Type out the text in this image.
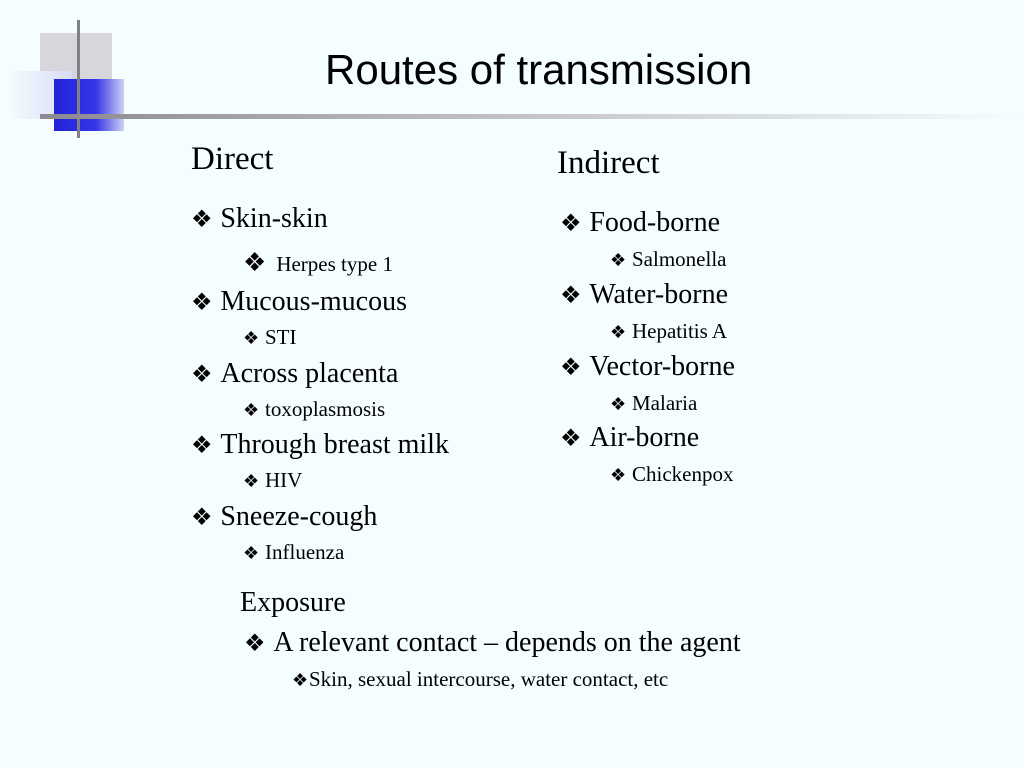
Routes of transmission
Direct
❖ Skin-skin
❖ Herpes type 1
❖ Mucous-mucous
❖ STI
❖ Across placenta
❖ toxoplasmosis
❖ Through breast milk
❖ HIV
❖ Sneeze-cough
❖ Influenza
Indirect
❖ Food-borne
❖ Salmonella
❖ Water-borne
❖ Hepatitis A
❖ Vector-borne
❖ Malaria
❖ Air-borne
❖ Chickenpox
Exposure
❖ A relevant contact – depends on the agent
❖Skin, sexual intercourse, water contact, etc
